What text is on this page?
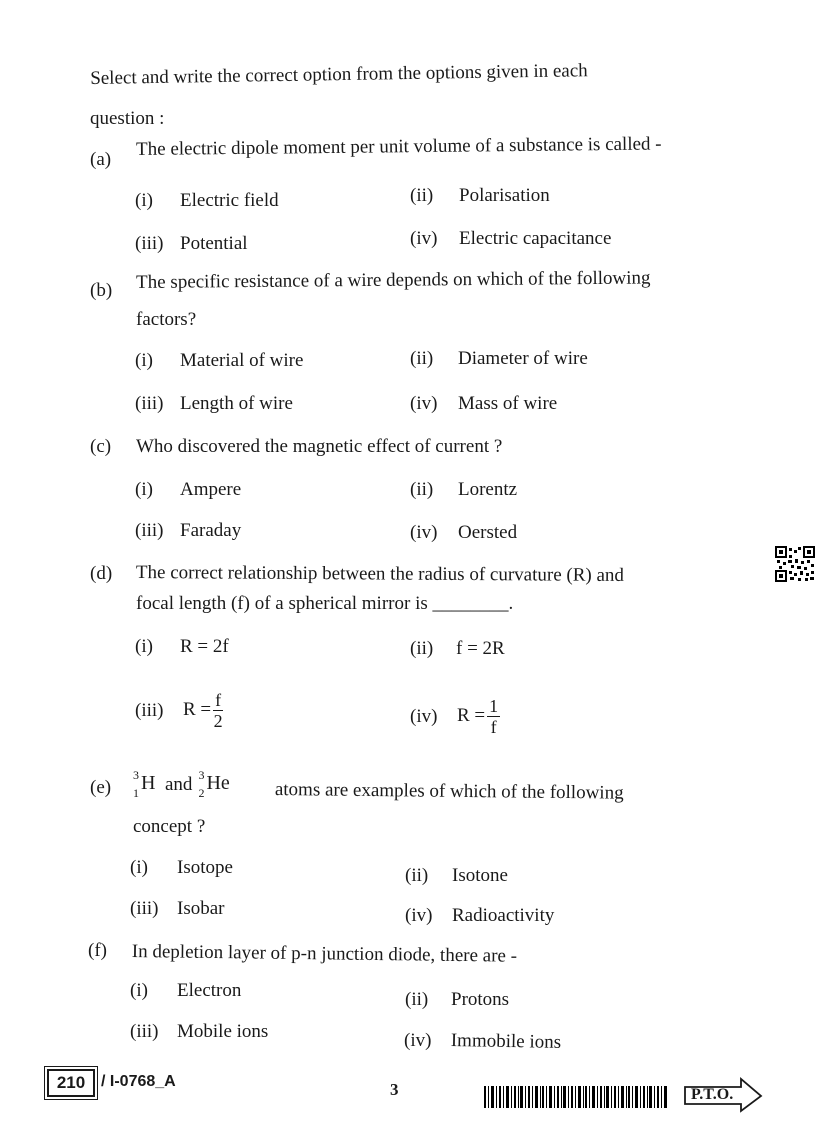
Select and write the correct option from the options given in each
question :
(a) The electric dipole moment per unit volume of a substance is called -
(i) Electric field	(ii) Polarisation
(iii) Potential	(iv) Electric capacitance
(b) The specific resistance of a wire depends on which of the following
factors?
(i) Material of wire	(ii) Diameter of wire
(iii) Length of wire	(iv) Mass of wire
(c) Who discovered the magnetic effect of current ?
(i) Ampere	(ii) Lorentz
(iii) Faraday	(iv) Oersted
(d) The correct relationship between the radius of curvature (R) and
focal length (f) of a spherical mirror is ________.
(i) R = 2f	(ii) f = 2R
(iii) $R = \frac{f}{2}$	(iv) $R = \frac{1}{f}$
(e)
3
1 H and 3
2 He atoms are examples of which of the following
concept ?
(i) Isotope	(ii) Isotone
(iii) Isobar	(iv) Radioactivity
(f) In depletion layer of p-n junction diode, there are -
(i) Electron	(ii) Protons
(iii) Mobile ions	(iv) Immobile ions
210 / I-0768_A	3	P.T.O.
